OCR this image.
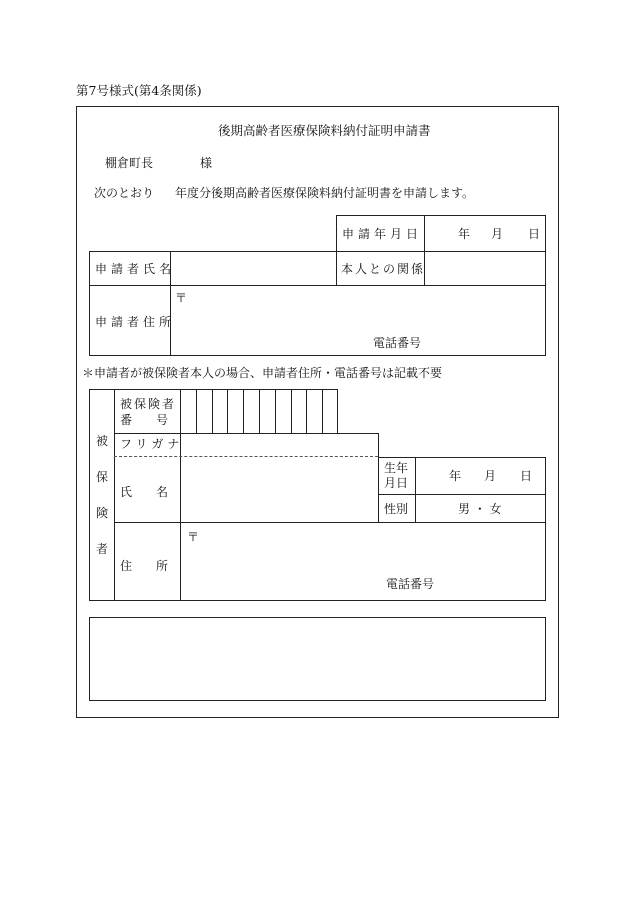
第7号様式(第4条関係)
後期高齢者医療保険料納付証明申請書
棚倉町長	様
次のとおり 年度分後期高齢者医療保険料納付証明書を申請します。
申請年月日	年 月 日
申請者氏名	本人との関係
申請者住所
〒
電話番号
＊申請者が被保険者本人の場合、申請者住所・電話番号は記載不要
被
保
険
者
被保険者
番　　号
フリガナ
氏　　名
生年
月日	年 月 日
性別	男 ・ 女
住　　所
〒
電話番号
